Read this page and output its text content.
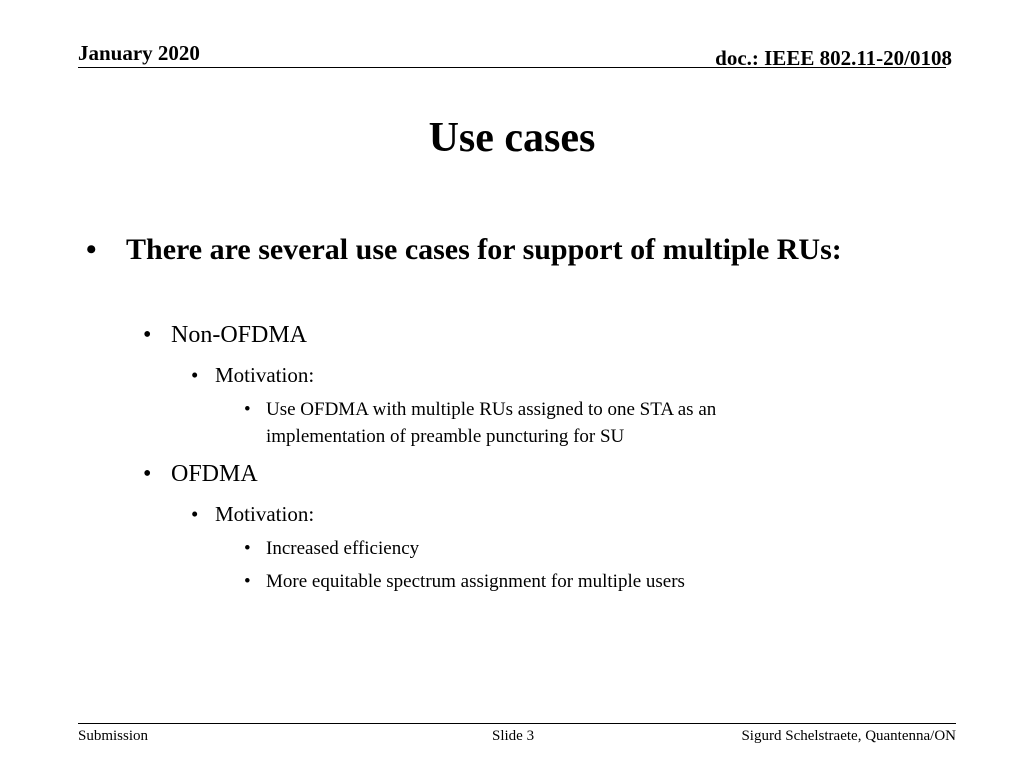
January 2020	doc.: IEEE 802.11-20/0108
Use cases
• There are several use cases for support of multiple RUs:
• Non-OFDMA
• Motivation:
• Use OFDMA with multiple RUs assigned to one STA as an
implementation of preamble puncturing for SU
• OFDMA
• Motivation:
• Increased efficiency
• More equitable spectrum assignment for multiple users
Submission	Slide 3	Sigurd Schelstraete, Quantenna/ON
